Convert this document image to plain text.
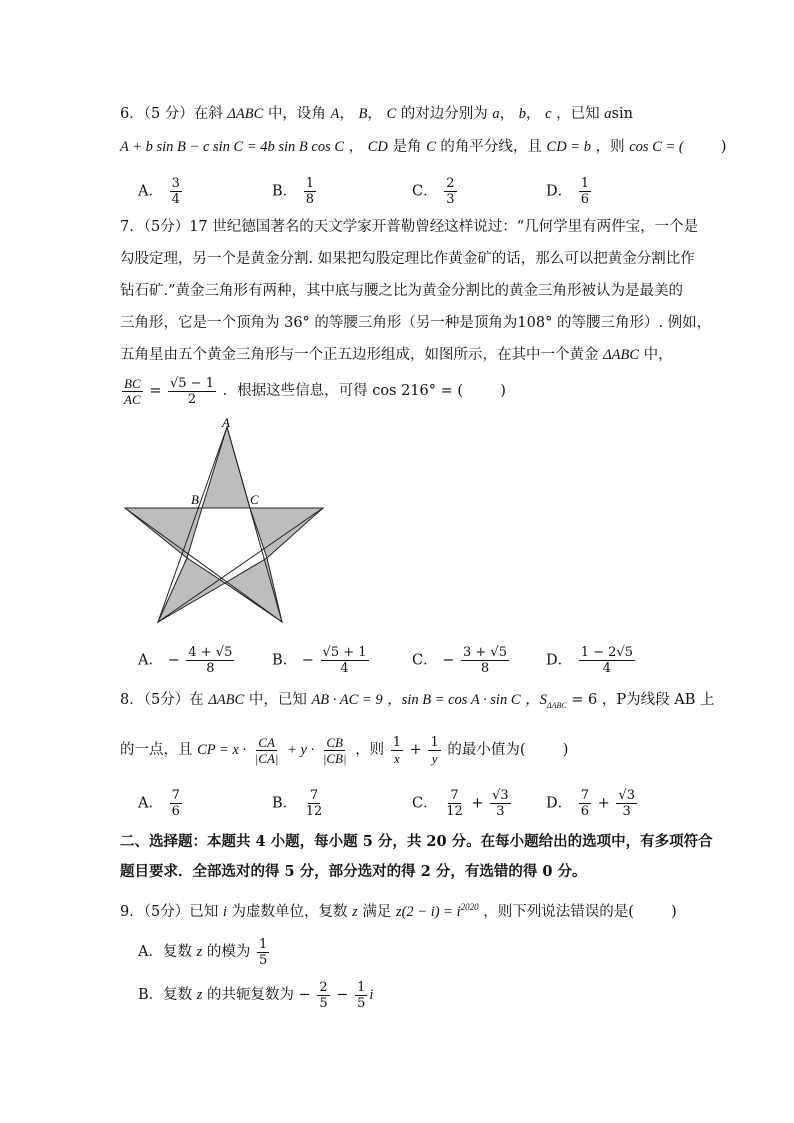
6．（5 分）在斜 ΔABC 中，设角 A， B， C 的对边分别为 a， b， c ，已知 asin
A + b sin B − c sin C = 4b sin B cos C ， CD 是角 C 的角平分线，且 CD = b ，则 cos C = (	)
A． $\frac{3}{4}$	B． $\frac{1}{8}$	C． $\frac{2}{3}$	D． $\frac{1}{6}$
7．（5分）17 世纪德国著名的天文学家开普勒曾经这样说过：“几何学里有两件宝，一个是
勾股定理，另一个是黄金分割. 如果把勾股定理比作黄金矿的话，那么可以把黄金分割比作
钻石矿.”黄金三角形有两种，其中底与腰之比为黄金分割比的黄金三角形被认为是最美的
三角形，它是一个顶角为 36° 的等腰三角形（另一种是顶角为108° 的等腰三角形）. 例如，
五角星由五个黄金三角形与一个正五边形组成，如图所示，在其中一个黄金 ΔABC 中，
$\frac{BC}{AC} = \frac{√5 - 1}{2}$ ．根据这些信息，可得 cos 216° = (	)
A
B	C
A． − $\frac{4 + √5}{8}$	B． − $\frac{√5 + 1}{4}$	C． − $\frac{3 + √5}{8}$	D． $\frac{1 - 2√5}{4}$
8．（5分）在 ΔABC 中，已知 AB · AC = 9 ，sin B = cos A · sin C ，$S_{\Delta ABC} = 6$ ，P为线段 AB 上
的一点，且 CP = $x \cdot \frac{CA}{|CA|} + y \cdot \frac{CB}{|CB|}$ ，则 $\frac{1}{x} + \frac{1}{y}$ 的最小值为(	)
A． $\frac{7}{6}$	B． $\frac{7}{12}$	C． $\frac{7}{12} + \frac{√3}{3}$ D． $\frac{7}{6} + \frac{√3}{3}$
二、选择题：本题共 4 小题，每小题 5 分，共 20 分。在每小题给出的选项中，有多项符合
题目要求．全部选对的得 5 分，部分选对的得 2 分，有选错的得 0 分。
9．（5分）已知 i 为虚数单位，复数 z 满足 $z(2 - i) = i^{2020}$ ，则下列说法错误的是(	)
A．复数 z 的模为 $\frac{1}{5}$
B．复数 z 的共轭复数为 − $\frac{2}{5} - \frac{1}{5}$ i
